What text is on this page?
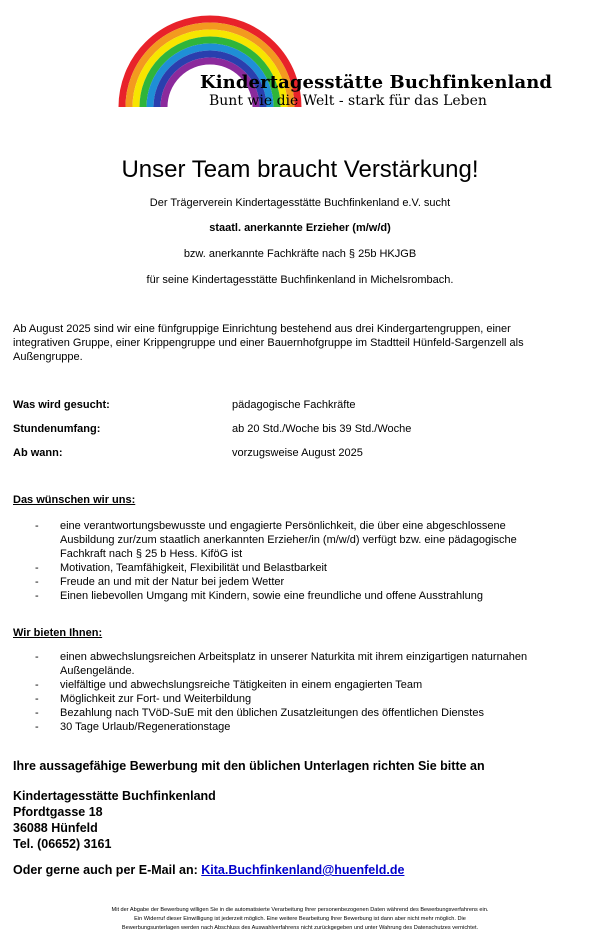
Kindertagesstätte Buchfinkenland
Bunt wie die Welt - stark für das Leben
Unser Team braucht Verstärkung!
Der Trägerverein Kindertagesstätte Buchfinkenland e.V. sucht
staatl. anerkannte Erzieher (m/w/d)
bzw. anerkannte Fachkräfte nach § 25b HKJGB
für seine Kindertagesstätte Buchfinkenland in Michelsrombach.
Ab August 2025 sind wir eine fünfgruppige Einrichtung bestehend aus drei Kindergartengruppen, einer integrativen Gruppe, einer Krippengruppe und einer Bauernhofgruppe im Stadtteil Hünfeld-Sargenzell als Außengruppe.
Was wird gesucht:	pädagogische Fachkräfte
Stundenumfang:	ab 20 Std./Woche bis 39 Std./Woche
Ab wann:	vorzugsweise August 2025
Das wünschen wir uns:
- eine verantwortungsbewusste und engagierte Persönlichkeit, die über eine abgeschlossene Ausbildung zur/zum staatlich anerkannten Erzieher/in (m/w/d) verfügt bzw. eine pädagogische Fachkraft nach § 25 b Hess. KiföG ist
- Motivation, Teamfähigkeit, Flexibilität und Belastbarkeit
- Freude an und mit der Natur bei jedem Wetter
- Einen liebevollen Umgang mit Kindern, sowie eine freundliche und offene Ausstrahlung
Wir bieten Ihnen:
- einen abwechslungsreichen Arbeitsplatz in unserer Naturkita mit ihrem einzigartigen naturnahen Außengelände.
- vielfältige und abwechslungsreiche Tätigkeiten in einem engagierten Team
- Möglichkeit zur Fort- und Weiterbildung
- Bezahlung nach TVöD-SuE mit den üblichen Zusatzleitungen des öffentlichen Dienstes
- 30 Tage Urlaub/Regenerationstage
Ihre aussagefähige Bewerbung mit den üblichen Unterlagen richten Sie bitte an
Kindertagesstätte Buchfinkenland
Pfordtgasse 18
36088 Hünfeld
Tel. (06652) 3161
Oder gerne auch per E-Mail an: Kita.Buchfinkenland@huenfeld.de
Mit der Abgabe der Bewerbung willigen Sie in die automatisierte Verarbeitung Ihrer personenbezogenen Daten während des Bewerbungsverfahrens ein.
Ein Widerruf dieser Einwilligung ist jederzeit möglich. Eine weitere Bearbeitung Ihrer Bewerbung ist dann aber nicht mehr möglich. Die
Bewerbungsunterlagen werden nach Abschluss des Auswahlverfahrens nicht zurückgegeben und unter Wahrung des Datenschutzes vernichtet.
